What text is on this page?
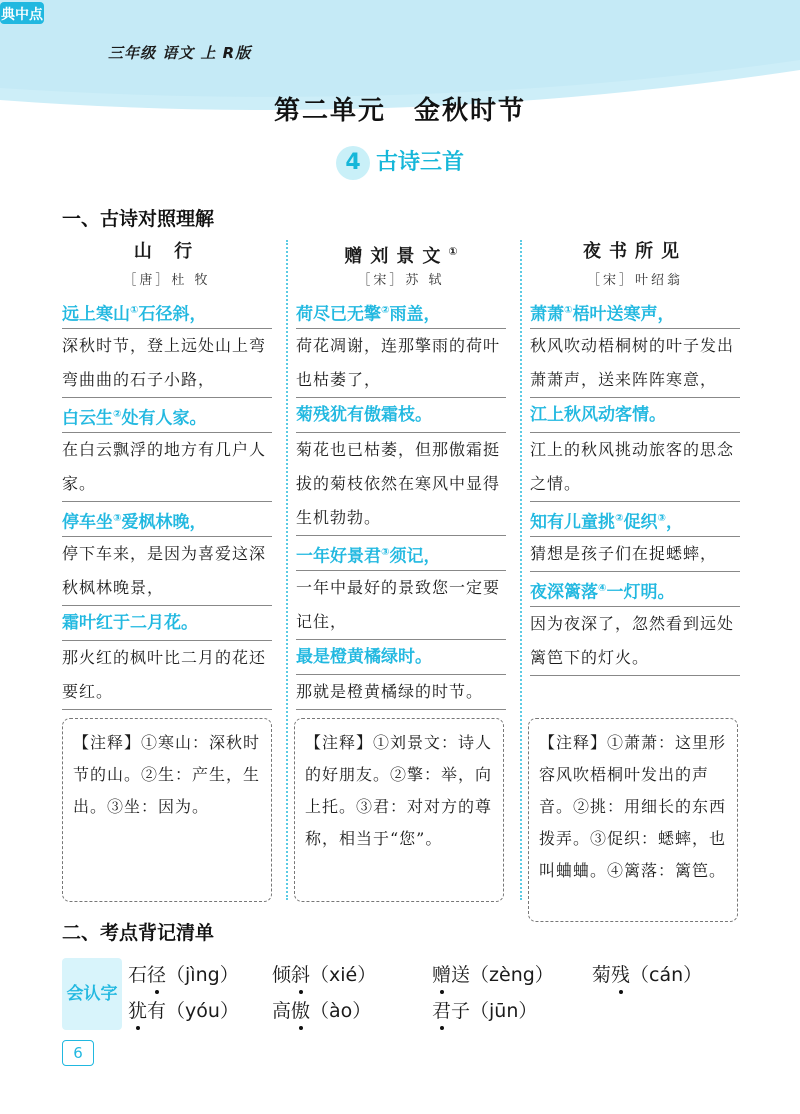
典中点
三年级 语文 上 R版
第二单元　金秋时节
4 古诗三首
一、古诗对照理解
山 行
［唐］杜 牧
远上寒山①石径斜，
深秋时节，登上远处山上弯弯曲曲的石子小路，
白云生②处有人家。
在白云飘浮的地方有几户人家。
停车坐③爱枫林晚，
停下车来，是因为喜爱这深秋枫林晚景，
霜叶红于二月花。
那火红的枫叶比二月的花还要红。
赠刘景文①
［宋］苏 轼
荷尽已无擎②雨盖，
荷花凋谢，连那擎雨的荷叶也枯萎了，
菊残犹有傲霜枝。
菊花也已枯萎，但那傲霜挺拔的菊枝依然在寒风中显得生机勃勃。
一年好景君③须记，
一年中最好的景致您一定要记住，
最是橙黄橘绿时。
那就是橙黄橘绿的时节。
夜书所见
［宋］叶绍翁
萧萧①梧叶送寒声，
秋风吹动梧桐树的叶子发出萧萧声，送来阵阵寒意，
江上秋风动客情。
江上的秋风挑动旅客的思念之情。
知有儿童挑②促织③，
猜想是孩子们在捉蟋蟀，
夜深篱落④一灯明。
因为夜深了，忽然看到远处篱笆下的灯火。
【注释】①寒山：深秋时节的山。②生：产生，生出。③坐：因为。
【注释】①刘景文：诗人的好朋友。②擎：举，向上托。③君：对对方的尊称，相当于“您”。
【注释】①萧萧：这里形容风吹梧桐叶发出的声音。②挑：用细长的东西拨弄。③促织：蟋蟀，也叫蛐蛐。④篱落：篱笆。
二、考点背记清单
会认字
石径（jìng） 倾斜（xié）	赠送（zèng） 菊残（cán）
犹有（yóu） 高傲（ào）	君子（jūn）
6
